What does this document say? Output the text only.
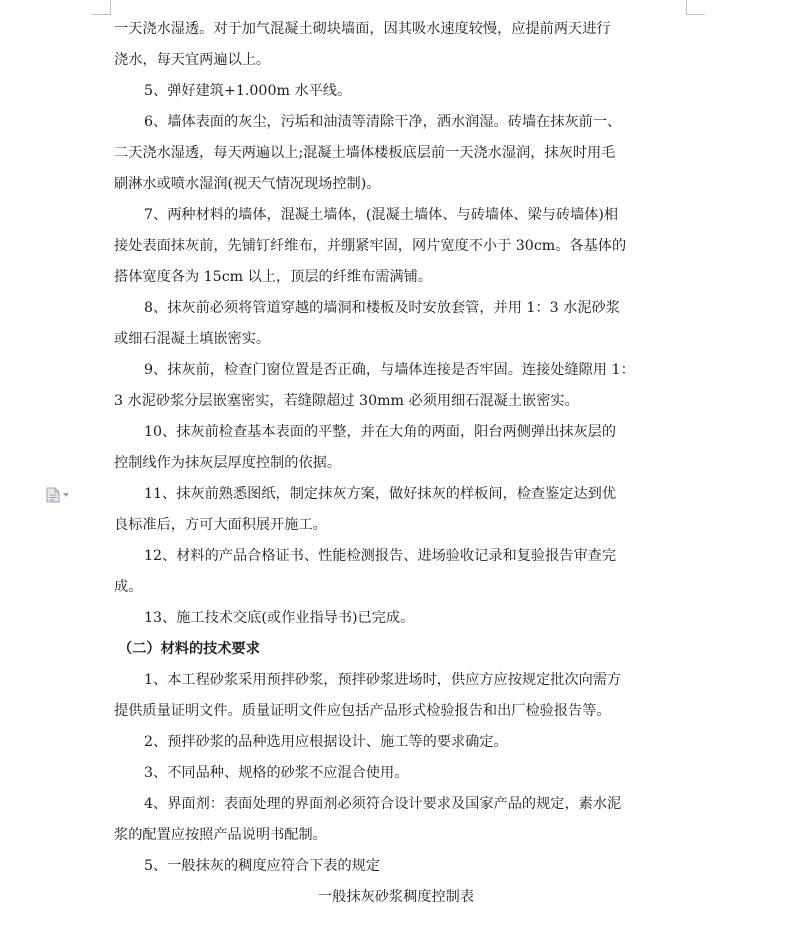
一天浇水湿透。对于加气混凝土砌块墙面，因其吸水速度较慢，应提前两天进行

浇水，每天宜两遍以上。

5、弹好建筑+1.000m 水平线。

6、墙体表面的灰尘，污垢和油渍等清除干净，洒水润湿。砖墙在抹灰前一、

二天浇水湿透，每天两遍以上;混凝土墙体楼板底层前一天浇水湿润，抹灰时用毛

刷淋水或喷水湿润(视天气情况现场控制)。

7、两种材料的墙体，混凝土墙体，(混凝土墙体、与砖墙体、梁与砖墙体)相

接处表面抹灰前，先铺钉纤维布，并绷紧牢固，网片宽度不小于 30cm。各基体的

搭体宽度各为 15cm 以上，顶层的纤维布需满铺。

8、抹灰前必须将管道穿越的墙洞和楼板及时安放套管，并用 1：3 水泥砂浆

或细石混凝土填嵌密实。

9、抹灰前，检查门窗位置是否正确，与墙体连接是否牢固。连接处缝隙用 1：

3 水泥砂浆分层嵌塞密实，若缝隙超过 30mm 必须用细石混凝土嵌密实。

10、抹灰前检查基本表面的平整，并在大角的两面，阳台两侧弹出抹灰层的

控制线作为抹灰层厚度控制的依据。

11、抹灰前熟悉图纸，制定抹灰方案，做好抹灰的样板间，检查鉴定达到优

良标准后，方可大面积展开施工。

12、材料的产品合格证书、性能检测报告、进场验收记录和复验报告审查完

成。

13、施工技术交底(或作业指导书)已完成。

（二）材料的技术要求

1、本工程砂浆采用预拌砂浆，预拌砂浆进场时，供应方应按规定批次向需方

提供质量证明文件。质量证明文件应包括产品形式检验报告和出厂检验报告等。

2、预拌砂浆的品种选用应根据设计、施工等的要求确定。

3、不同品种、规格的砂浆不应混合使用。

4、界面剂：表面处理的界面剂必须符合设计要求及国家产品的规定，素水泥

浆的配置应按照产品说明书配制。

5、一般抹灰的稠度应符合下表的规定

一般抹灰砂浆稠度控制表
